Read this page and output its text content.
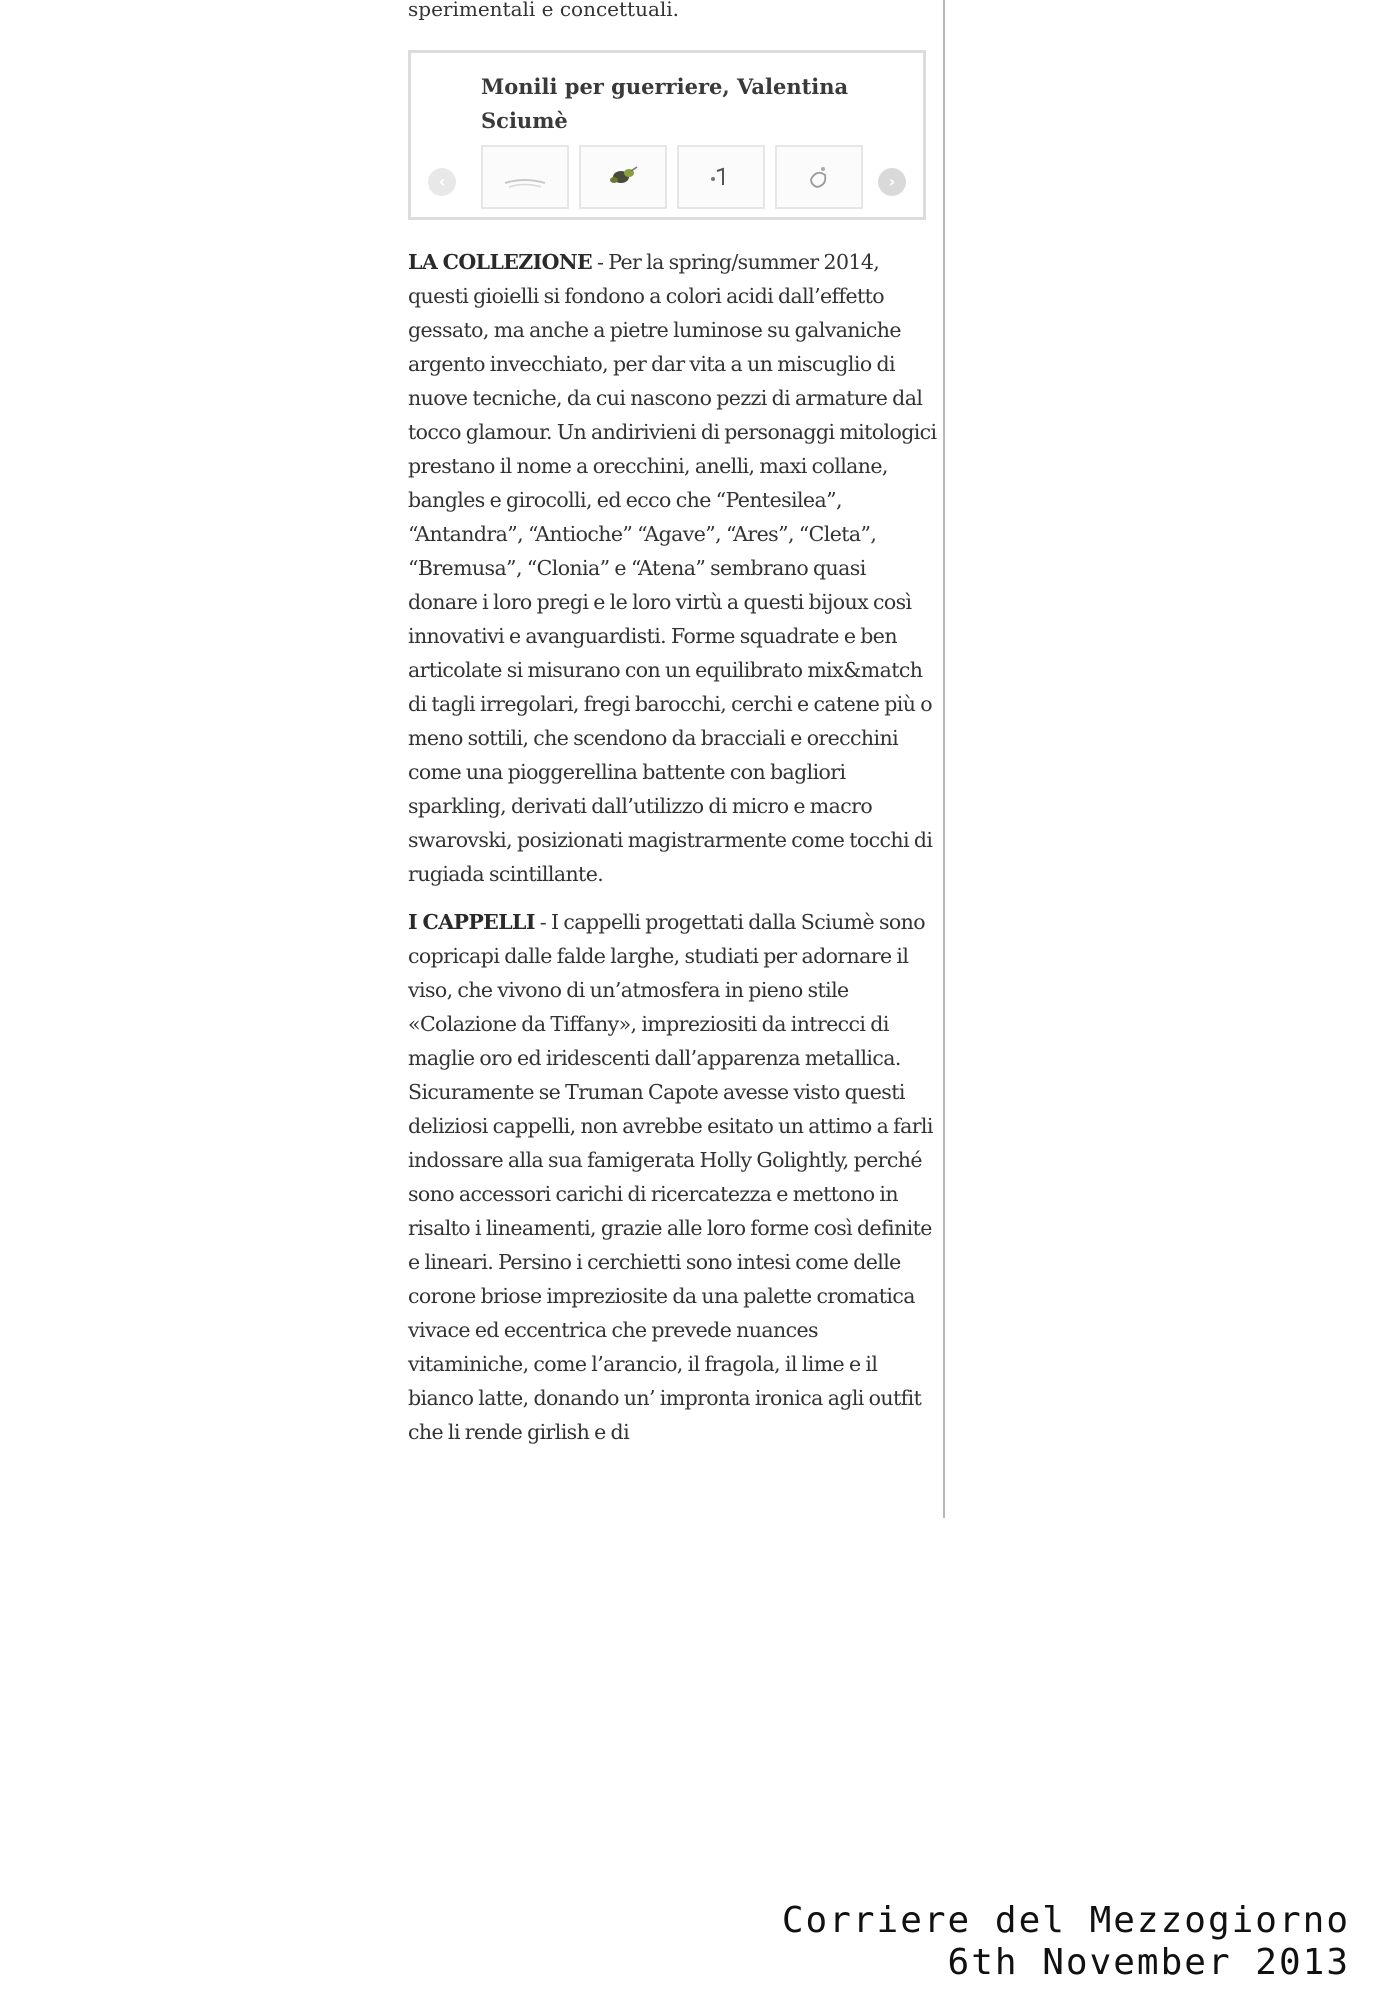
sperimentali e concettuali.
Monili per guerriere, Valentina Sciumè
‹	›

LA COLLEZIONE - Per la spring/summer 2014, questi gioielli si fondono a colori acidi dall’effetto gessato, ma anche a pietre luminose su galvaniche argento invecchiato, per dar vita a un miscuglio di nuove tecniche, da cui nascono pezzi di armature dal tocco glamour. Un andirivieni di personaggi mitologici prestano il nome a orecchini, anelli, maxi collane, bangles e girocolli, ed ecco che “Pentesilea”, “Antandra”, “Antioche” “Agave”, “Ares”, “Cleta”, “Bremusa”, “Clonia” e “Atena” sembrano quasi donare i loro pregi e le loro virtù a questi bijoux così innovativi e avanguardisti. Forme squadrate e ben articolate si misurano con un equilibrato mix&match di tagli irregolari, fregi barocchi, cerchi e catene più o meno sottili, che scendono da bracciali e orecchini come una pioggerellina battente con bagliori sparkling, derivati dall’utilizzo di micro e macro swarovski, posizionati magistrarmente come tocchi di rugiada scintillante.

I CAPPELLI - I cappelli progettati dalla Sciumè sono copricapi dalle falde larghe, studiati per adornare il viso, che vivono di un’atmosfera in pieno stile «Colazione da Tiffany», impreziositi da intrecci di maglie oro ed iridescenti dall’apparenza metallica. Sicuramente se Truman Capote avesse visto questi deliziosi cappelli, non avrebbe esitato un attimo a farli indossare alla sua famigerata Holly Golightly, perché sono accessori carichi di ricercatezza e mettono in risalto i lineamenti, grazie alle loro forme così definite e lineari. Persino i cerchietti sono intesi come delle corone briose impreziosite da una palette cromatica vivace ed eccentrica che prevede nuances vitaminiche, come l’arancio, il fragola, il lime e il bianco latte, donando un’ impronta ironica agli outfit che li rende girlish e di

Corriere del Mezzogiorno
6th November 2013
